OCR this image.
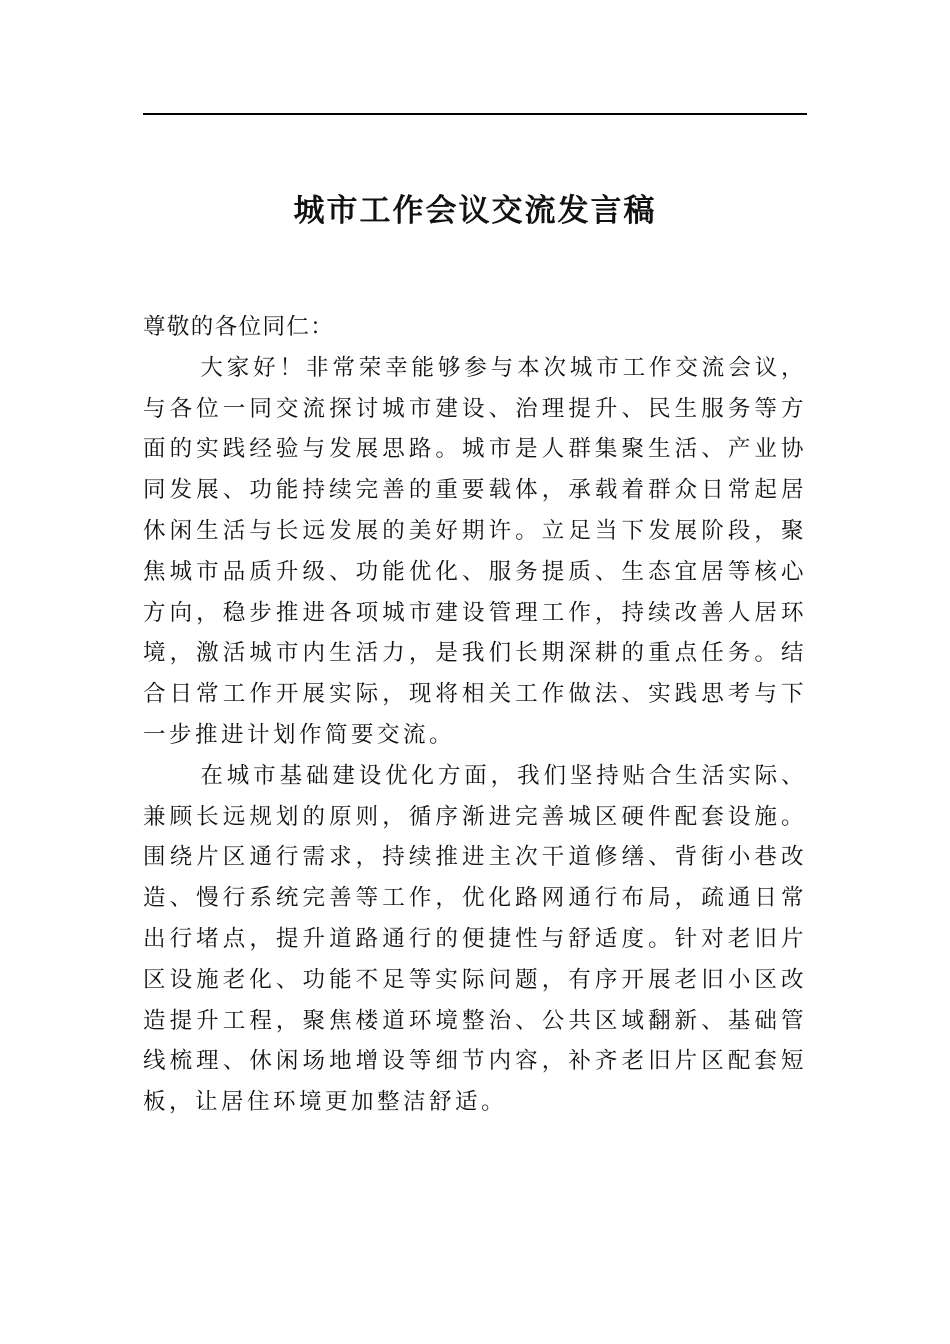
城市工作会议交流发言稿

尊敬的各位同仁：

大家好！非常荣幸能够参与本次城市工作交流会议，与各位一同交流探讨城市建设、治理提升、民生服务等方面的实践经验与发展思路。城市是人群集聚生活、产业协同发展、功能持续完善的重要载体，承载着群众日常起居休闲生活与长远发展的美好期许。立足当下发展阶段，聚焦城市品质升级、功能优化、服务提质、生态宜居等核心方向，稳步推进各项城市建设管理工作，持续改善人居环境，激活城市内生活力，是我们长期深耕的重点任务。结合日常工作开展实际，现将相关工作做法、实践思考与下一步推进计划作简要交流。

在城市基础建设优化方面，我们坚持贴合生活实际、兼顾长远规划的原则，循序渐进完善城区硬件配套设施。围绕片区通行需求，持续推进主次干道修缮、背街小巷改造、慢行系统完善等工作，优化路网通行布局，疏通日常出行堵点，提升道路通行的便捷性与舒适度。针对老旧片区设施老化、功能不足等实际问题，有序开展老旧小区改造提升工程，聚焦楼道环境整治、公共区域翻新、基础管线梳理、休闲场地增设等细节内容，补齐老旧片区配套短板，让居住环境更加整洁舒适。
